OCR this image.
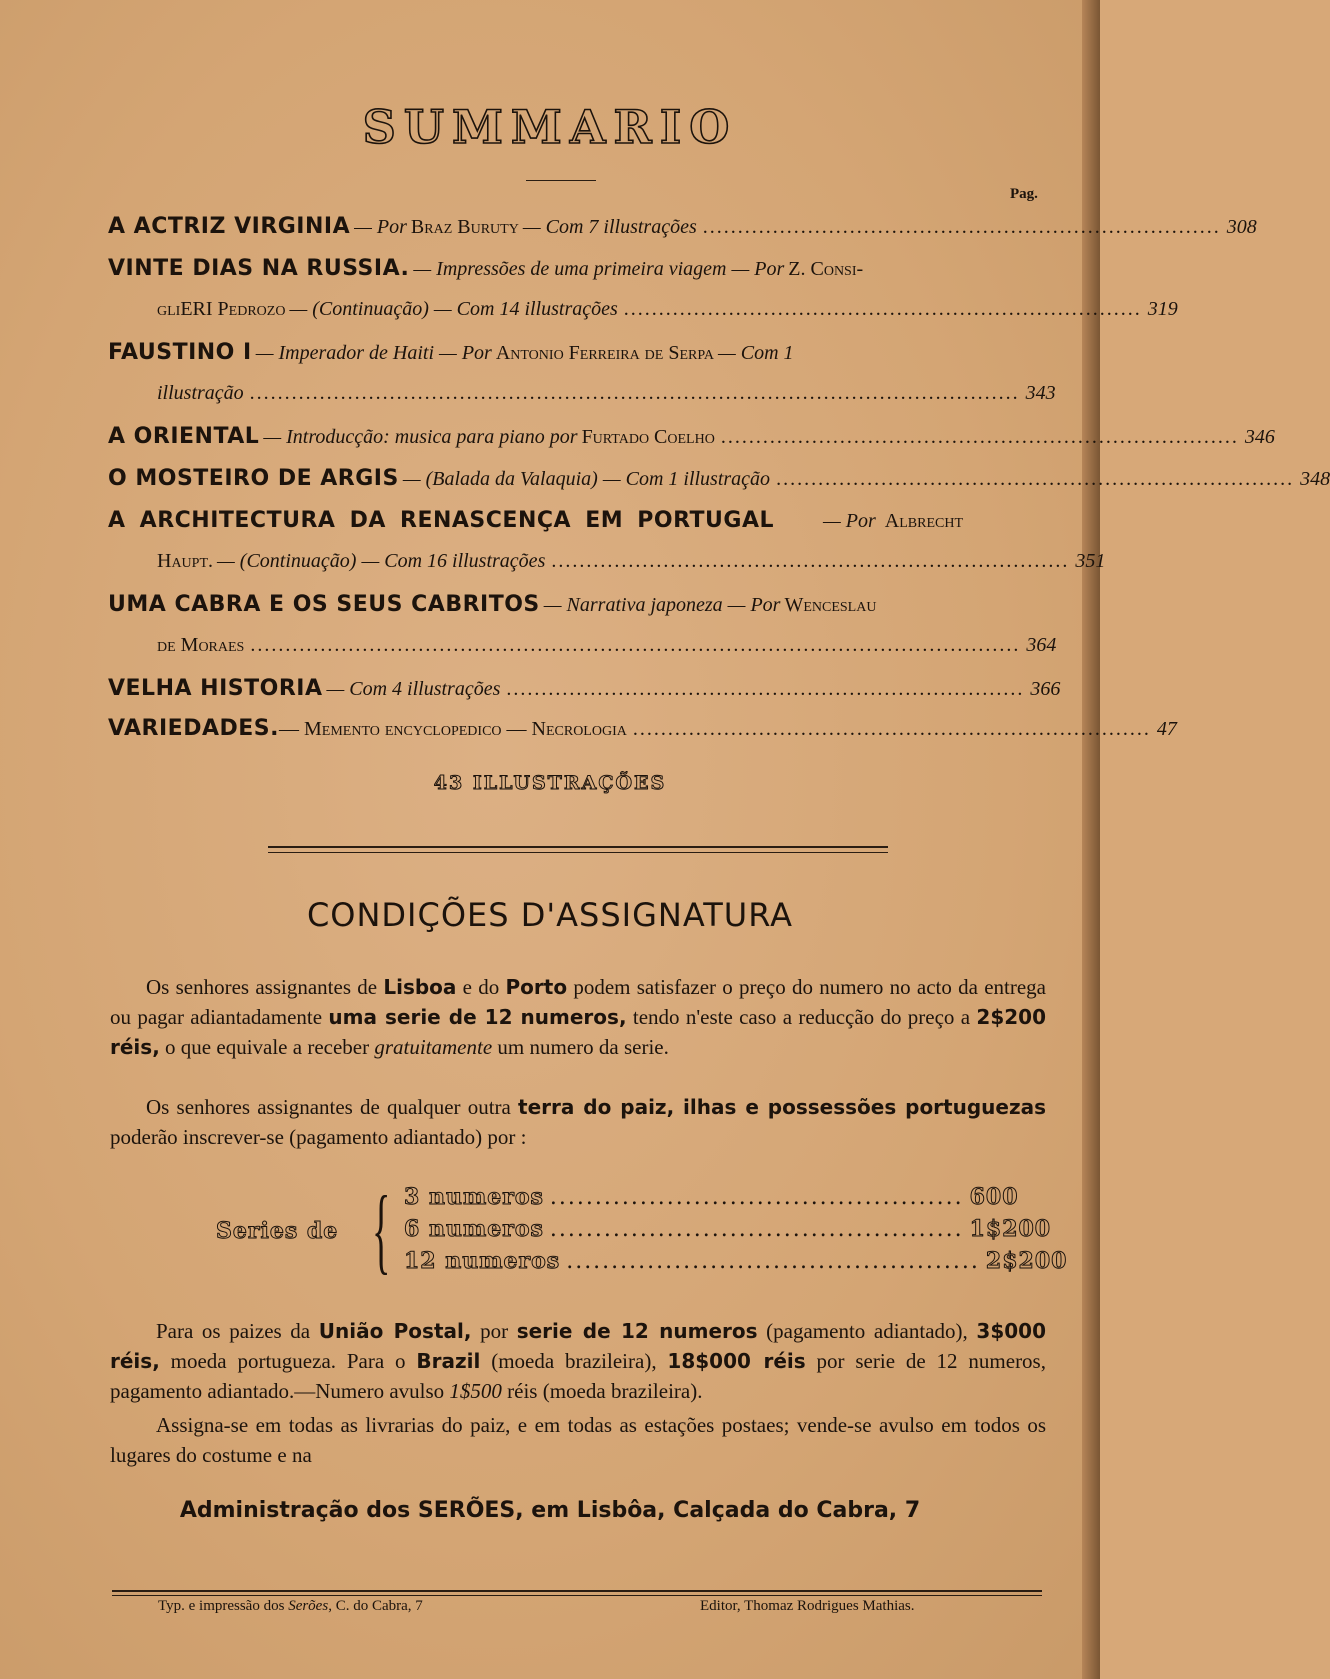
SUMMARIO
Pag.
A ACTRIZ VIRGINIA — Por Braz Buruty — Com 7 illustrações .......................................................................... 308
VINTE DIAS NA RUSSIA. — Impressões de uma primeira viagem — Por Z. Consi-
gliERI Pedrozo — (Continuação) — Com 14 illustrações .......................................................................... 319
FAUSTINO I — Imperador de Haiti — Por Antonio Ferreira de Serpa — Com 1
illustração .............................................................................................................. 343
A ORIENTAL — Introducção: musica para piano por Furtado Coelho .......................................................................... 346
O MOSTEIRO DE ARGIS — (Balada da Valaquia) — Com 1 illustração .......................................................................... 348
A ARCHITECTURA DA RENASCENÇA EM PORTUGAL — Por Albrecht
Haupt. — (Continuação) — Com 16 illustrações .......................................................................... 351
UMA CABRA E OS SEUS CABRITOS — Narrativa japoneza — Por Wenceslau
de Moraes .............................................................................................................. 364
VELHA HISTORIA — Com 4 illustrações .......................................................................... 366
VARIEDADES. — Memento encyclopedico — Necrologia .......................................................................... 47
43 ILLUSTRAÇÕES
CONDIÇÕES D'ASSIGNATURA
Os senhores assignantes de Lisboa e do Porto podem satisfazer o preço do numero no acto da entrega ou pagar adiantadamente uma serie de 12 numeros, tendo n'este caso a reducção do preço a 2$200 réis, o que equivale a receber gratuitamente um numero da serie.
Os senhores assignantes de qualquer outra terra do paiz, ilhas e possessões portuguezas poderão inscrever-se (pagamento adiantado) por :
Series de { 3 numeros .............................................. 600
6 numeros .............................................. 1$200
12 numeros .............................................. 2$200
Para os paizes da União Postal, por serie de 12 numeros (pagamento adiantado), 3$000 réis, moeda portugueza. Para o Brazil (moeda brazileira), 18$000 réis por serie de 12 numeros, pagamento adiantado.—Numero avulso 1$500 réis (moeda brazileira).
Assigna-se em todas as livrarias do paiz, e em todas as estações postaes; vende-se avulso em todos os lugares do costume e na
Administração dos SERÕES, em Lisbôa, Calçada do Cabra, 7
Typ. e impressão dos Serões, C. do Cabra, 7	Editor, Thomaz Rodrigues Mathias.
